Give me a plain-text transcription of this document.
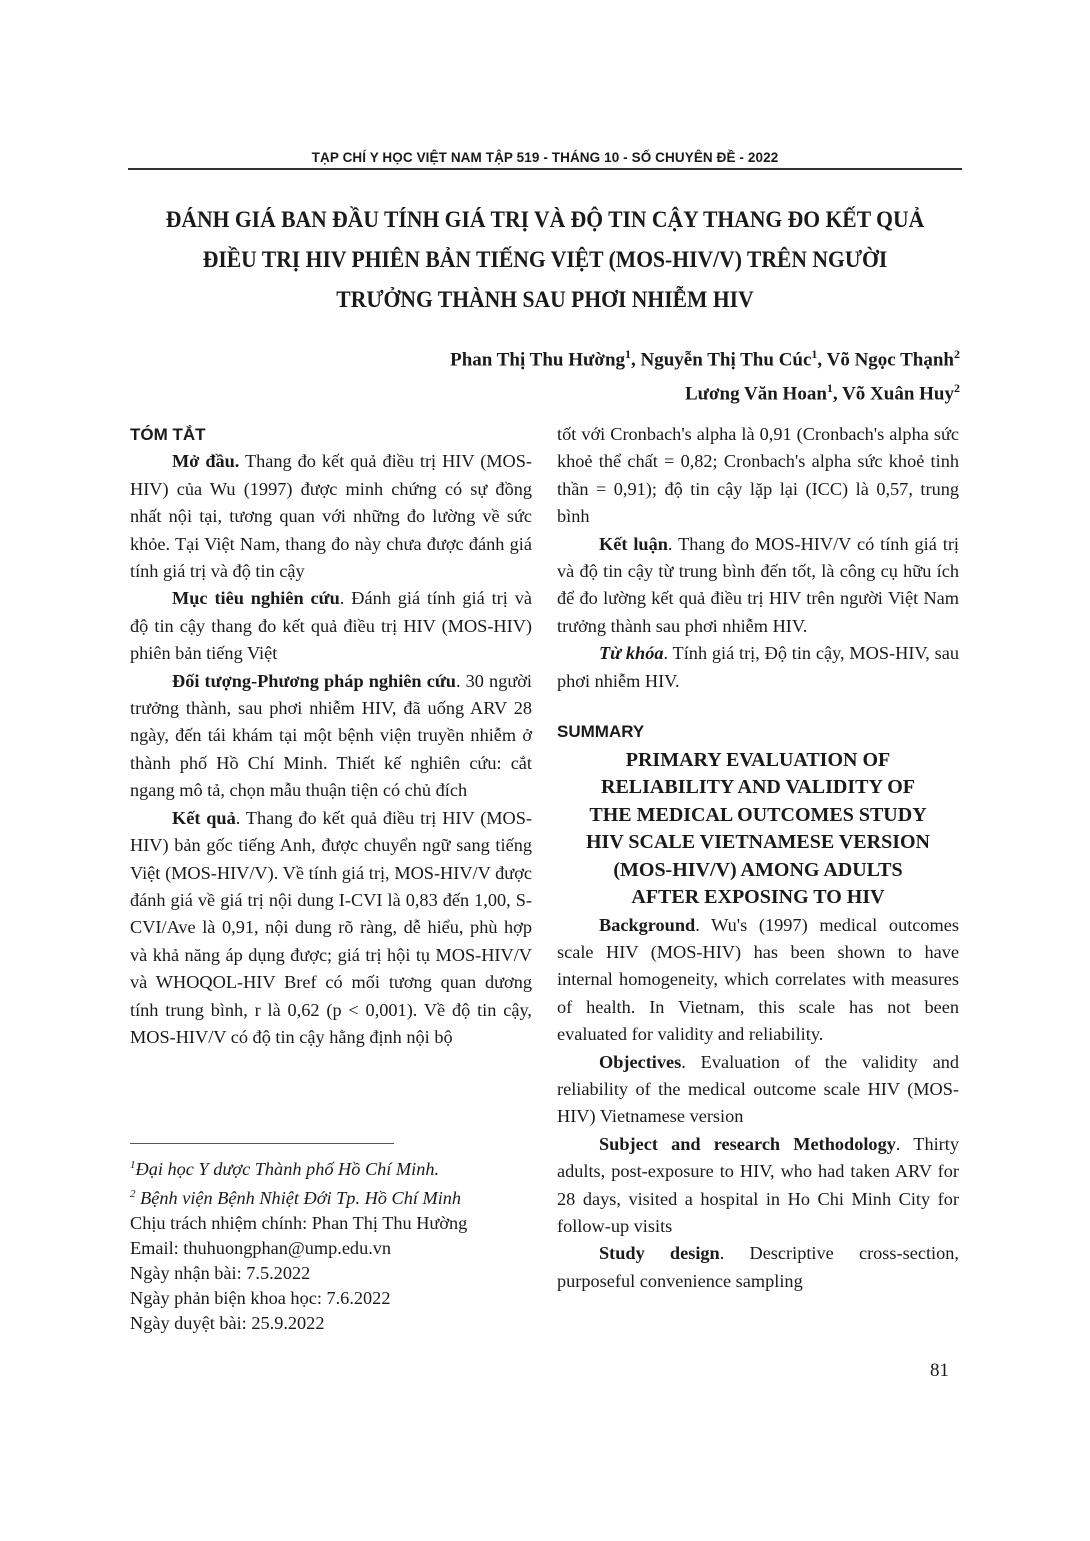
TẠP CHÍ Y HỌC VIỆT NAM TẬP 519 - THÁNG 10 - SỐ CHUYÊN ĐỀ - 2022
ĐÁNH GIÁ BAN ĐẦU TÍNH GIÁ TRỊ VÀ ĐỘ TIN CẬY THANG ĐO KẾT QUẢ
ĐIỀU TRỊ HIV PHIÊN BẢN TIẾNG VIỆT (MOS-HIV/V) TRÊN NGƯỜI
TRƯỞNG THÀNH SAU PHƠI NHIỄM HIV
Phan Thị Thu Hường$^1$, Nguyễn Thị Thu Cúc$^1$, Võ Ngọc Thạnh$^2$
Lương Văn Hoan$^1$, Võ Xuân Huy$^2$
TÓM TẮT

Mở đầu. Thang đo kết quả điều trị HIV (MOS-HIV) của Wu (1997) được minh chứng có sự đồng nhất nội tại, tương quan với những đo lường về sức khỏe. Tại Việt Nam, thang đo này chưa được đánh giá tính giá trị và độ tin cậy

Mục tiêu nghiên cứu. Đánh giá tính giá trị và độ tin cậy thang đo kết quả điều trị HIV (MOS-HIV) phiên bản tiếng Việt

Đối tượng-Phương pháp nghiên cứu. 30 người trưởng thành, sau phơi nhiễm HIV, đã uống ARV 28 ngày, đến tái khám tại một bệnh viện truyền nhiễm ở thành phố Hồ Chí Minh. Thiết kế nghiên cứu: cắt ngang mô tả, chọn mẫu thuận tiện có chủ đích

Kết quả. Thang đo kết quả điều trị HIV (MOS-HIV) bản gốc tiếng Anh, được chuyển ngữ sang tiếng Việt (MOS-HIV/V). Về tính giá trị, MOS-HIV/V được đánh giá về giá trị nội dung I-CVI là 0,83 đến 1,00, S-CVI/Ave là 0,91, nội dung rõ ràng, dễ hiểu, phù hợp và khả năng áp dụng được; giá trị hội tụ MOS-HIV/V và WHOQOL-HIV Bref có mối tương quan dương tính trung bình, r là 0,62 (p < 0,001). Về độ tin cậy, MOS-HIV/V có độ tin cậy hằng định nội bộ

$^1$Đại học Y dược Thành phố Hồ Chí Minh.
$^2$ Bệnh viện Bệnh Nhiệt Đới Tp. Hồ Chí Minh
Chịu trách nhiệm chính: Phan Thị Thu Hường
Email: thuhuongphan@ump.edu.vn
Ngày nhận bài: 7.5.2022
Ngày phản biện khoa học: 7.6.2022
Ngày duyệt bài: 25.9.2022

tốt với Cronbach's alpha là 0,91 (Cronbach's alpha sức khoẻ thể chất = 0,82; Cronbach's alpha sức khoẻ tinh thần = 0,91); độ tin cậy lặp lại (ICC) là 0,57, trung bình

Kết luận. Thang đo MOS-HIV/V có tính giá trị và độ tin cậy từ trung bình đến tốt, là công cụ hữu ích để đo lường kết quả điều trị HIV trên người Việt Nam trưởng thành sau phơi nhiễm HIV.

Từ khóa. Tính giá trị, Độ tin cậy, MOS-HIV, sau phơi nhiễm HIV.

SUMMARY
PRIMARY EVALUATION OF
RELIABILITY AND VALIDITY OF
THE MEDICAL OUTCOMES STUDY
HIV SCALE VIETNAMESE VERSION
(MOS-HIV/V) AMONG ADULTS
AFTER EXPOSING TO HIV

Background. Wu's (1997) medical outcomes scale HIV (MOS-HIV) has been shown to have internal homogeneity, which correlates with measures of health. In Vietnam, this scale has not been evaluated for validity and reliability.

Objectives. Evaluation of the validity and reliability of the medical outcome scale HIV (MOS-HIV) Vietnamese version

Subject and research Methodology. Thirty adults, post-exposure to HIV, who had taken ARV for 28 days, visited a hospital in Ho Chi Minh City for follow-up visits

Study design. Descriptive cross-section, purposeful convenience sampling

81
